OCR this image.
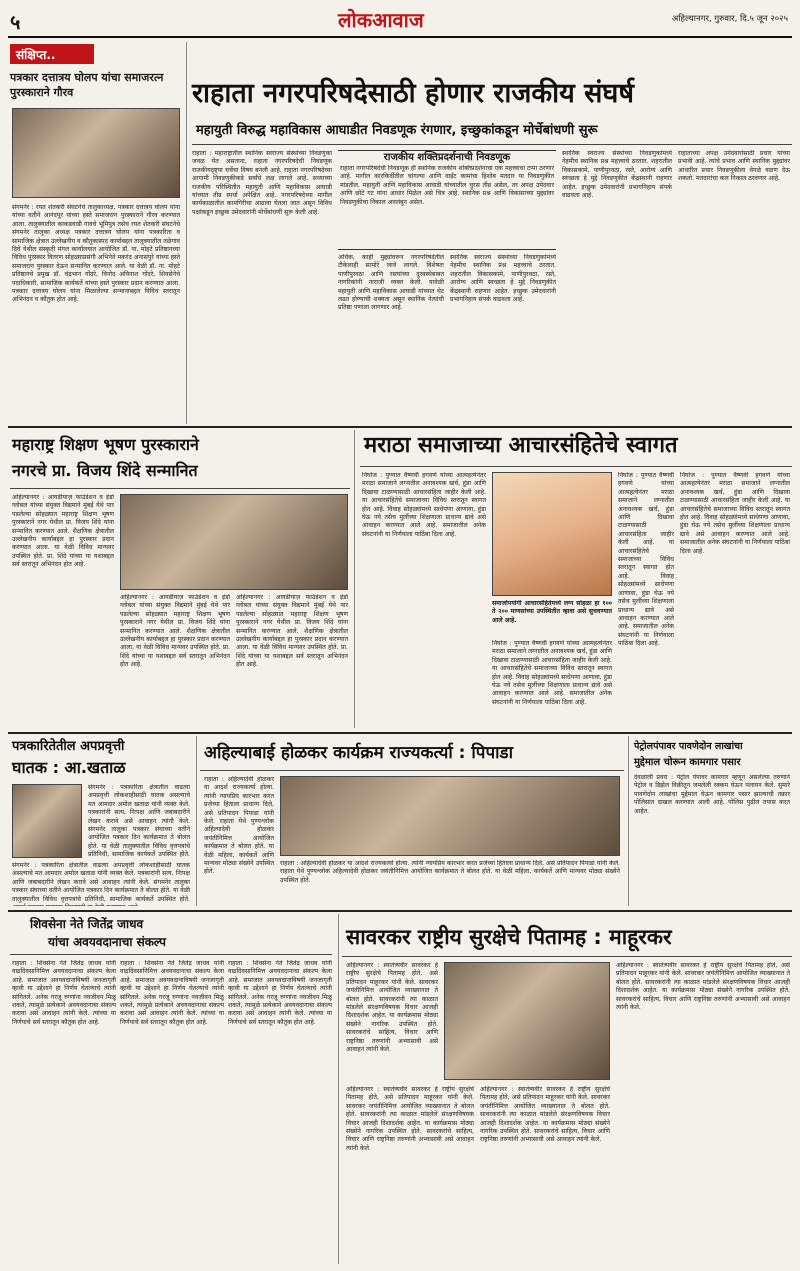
५	लोकआवाज	अहिल्यानगर, गुरुवार, दि.५ जून २०२५
संक्षिप्त..
पत्रकार दत्तात्रय घोलप यांचा समाजरत्न पुरस्काराने गौरव
संगमनेर : रयत शेतकरी संघटनेचे तालुकाध्यक्ष, पत्रकार दत्तात्रय घोलप यांना यांच्या वतीने आनंदपूर यांच्या हस्ते समाजरत्न पुरस्काराने गौरव करण्यात आला. तालुक्यातील काकडवाडी गावचे भूमिपुत्र तसेच रयत शेतकरी संघटनेचे संगमनेर तालुका अध्यक्ष पत्रकार दत्तात्रय घोलप यांना पत्रकारिता व सामाजिक क्षेत्रात उल्लेखनीय व कौतुकास्पद कार्याबद्दल तालुक्यातील तळेगाव दिघे येथील संस्कृती मंगल कार्यालयात आयोजित डॉ. ना. मोहटे प्रतिष्ठानच्या विविध पुरस्कार वितरण सोहळ्याप्रसंगी अभिनेते मकरंद अनासपुरे यांच्या हस्ते समाजरत्न पुरस्कार देऊन सन्मानित करण्यात आले. या वेळी डॉ. ना. मोहटे प्रतिष्ठानचे प्रमुख डॉ. चंद्रभान गोंदरे, विनोद अविनाश गोंदरे, शिवसेनेचे पदाधिकारी, सामाजिक कार्यकर्ते यांच्या हस्ते पुरस्कार प्रदान करण्यात आला. पत्रकार दत्तात्रय घोलप यांना मिळालेल्या सन्मानाबद्दल विविध स्तरातून अभिनंदन व कौतुक होत आहे.
राहाता नगरपरिषदेसाठी होणार राजकीय संघर्ष
महायुती विरुद्ध महाविकास आघाडीत निवडणूक रंगणार, इच्छुकांकडून मोर्चेबांधणी सुरू
राहाता : महाराष्ट्रातील स्थानिक स्वराज्य संस्थांच्या निवडणुका जवळ येत असताना, राहाता नगरपरिषदेची निवडणूक राजकीयदृष्ट्या चर्चेचा विषय बनली आहे. राहाता नगरपरिषदेच्या आगामी निवडणुकीकडे सर्वांचे लक्ष लागले आहे. सध्याच्या राजकीय परिस्थितीत महायुती आणि महाविकास आघाडी यांच्यात तीव्र स्पर्धा अपेक्षित आहे. नगरपरिषदेच्या मागील कार्यकाळातील कामगिरीचा आढावा घेतला जात असून विविध पक्षांकडून इच्छुक उमेदवारांनी मोर्चेबांधणी सुरू केली आहे.
राजकीय शक्तिप्रदर्शनाची निवडणूक
राहाता नगरपरिषदेची निवडणूक ही स्थानिक राजकीय शक्तिप्रदर्शनाचा एक महत्त्वाचा टप्पा ठरणार आहे. मागील कारकिर्दीतील चांगल्या आणि वाईट कामांचा हिशोब मतदार या निवडणुकीत मांडतील. महायुती आणि महाविकास आघाडी यांच्यातील चुरस तीव्र असेल, तर अपक्ष उमेदवार आणि छोटे गट यांना आधार मिळेल असे चित्र आहे. स्थानिक प्रश्न आणि विकासाच्या मुद्द्यांवर निवडणुकीचा निकाल अवलंबून असेल.
अधिक, काही मुद्द्यांवरून नगरपरिषदेतील टीकेलाही सामोरे जावे लागले. विशेषतः पाणीपुरवठा आणि रस्त्यांच्या दुरवस्थेबाबत नागरिकांनी नाराजी व्यक्त केली. यावेळी महायुती आणि महाविकास आघाडी यांच्यात थेट लढत होण्याची शक्यता असून स्थानिक नेत्यांची प्रतिष्ठा पणाला लागणार आहे.
स्थानिक स्वराज्य संस्थांच्या निवडणुकांमध्ये नेहमीच स्थानिक प्रश्न महत्त्वाचे ठरतात. शहरातील विकासकामे, पाणीपुरवठा, रस्ते, आरोग्य आणि स्वच्छता हे मुद्दे निवडणुकीत केंद्रस्थानी राहणार आहेत. इच्छुक उमेदवारांनी प्रभागनिहाय संपर्क वाढवला आहे.
स्थानिक स्वराज्य संस्थांच्या निवडणुकांमध्ये नेहमीच स्थानिक प्रश्न महत्त्वाचे ठरतात. शहरातील विकासकामे, पाणीपुरवठा, रस्ते, आरोग्य आणि स्वच्छता हे मुद्दे निवडणुकीत केंद्रस्थानी राहणार आहेत. इच्छुक उमेदवारांनी प्रभागनिहाय संपर्क वाढवला आहे.
राहाताच्या अपक्ष उमेदवारांसाठी प्रचार यांच्या प्रभावी आहे. त्यांचे प्रभाव आणि स्थानिक मुद्द्यांवर आधारित प्रचार निवडणुकीला वेगळे वळण देऊ शकतो. मतदारांचा कल निकाल ठरवणार आहे.
महाराष्ट्र शिक्षण भूषण पुरस्काराने
नगरचे प्रा. विजय शिंदे सन्मानित
अहिल्यानगर : आयडीयाज़ फाउंडेशन व इंडो ग्लोबल यांच्या संयुक्त विद्यमाने मुंबई येथे पार पडलेल्या सोहळ्यात महाराष्ट्र शिक्षण भूषण पुरस्काराने नगर येथील प्रा. विजय शिंदे यांना सन्मानित करण्यात आले. शैक्षणिक क्षेत्रातील उल्लेखनीय कार्याबद्दल हा पुरस्कार प्रदान करण्यात आला. या वेळी विविध मान्यवर उपस्थित होते. प्रा. शिंदे यांच्या या यशाबद्दल सर्व स्तरातून अभिनंदन होत आहे.
अहिल्यानगर : आयडीयाज़ फाउंडेशन व इंडो ग्लोबल यांच्या संयुक्त विद्यमाने मुंबई येथे पार पडलेल्या सोहळ्यात महाराष्ट्र शिक्षण भूषण पुरस्काराने नगर येथील प्रा. विजय शिंदे यांना सन्मानित करण्यात आले. शैक्षणिक क्षेत्रातील उल्लेखनीय कार्याबद्दल हा पुरस्कार प्रदान करण्यात आला. या वेळी विविध मान्यवर उपस्थित होते. प्रा. शिंदे यांच्या या यशाबद्दल सर्व स्तरातून अभिनंदन होत आहे.
अहिल्यानगर : आयडीयाज़ फाउंडेशन व इंडो ग्लोबल यांच्या संयुक्त विद्यमाने मुंबई येथे पार पडलेल्या सोहळ्यात महाराष्ट्र शिक्षण भूषण पुरस्काराने नगर येथील प्रा. विजय शिंदे यांना सन्मानित करण्यात आले. शैक्षणिक क्षेत्रातील उल्लेखनीय कार्याबद्दल हा पुरस्कार प्रदान करण्यात आला. या वेळी विविध मान्यवर उपस्थित होते. प्रा. शिंदे यांच्या या यशाबद्दल सर्व स्तरातून अभिनंदन होत आहे.
मराठा समाजाच्या आचारसंहितेचे स्वागत
निघोज : पुण्यात वैष्णवी हगवणे यांच्या आत्महत्येनंतर मराठा समाजाने लग्नातील अनावश्यक खर्च, हुंडा आणि दिखावा टाळण्यासाठी आचारसंहिता जाहीर केली आहे. या आचारसंहितेचे समाजाच्या विविध स्तरातून स्वागत होत आहे. विवाह सोहळ्यांमध्ये साधेपणा आणावा, हुंडा घेऊ नये तसेच मुलींच्या शिक्षणाला प्राधान्य द्यावे असे आवाहन करण्यात आले आहे. समाजातील अनेक संघटनांनी या निर्णयाला पाठिंबा दिला आहे.
समाजोपयोगी आचारसंहितेमध्ये लग्न सोहळा हा १०० ते २०० माणसांच्या उपस्थितीत व्हावा असे सुचवण्यात आले आहे.
निघोज : पुण्यात वैष्णवी हगवणे यांच्या आत्महत्येनंतर मराठा समाजाने लग्नातील अनावश्यक खर्च, हुंडा आणि दिखावा टाळण्यासाठी आचारसंहिता जाहीर केली आहे. या आचारसंहितेचे समाजाच्या विविध स्तरातून स्वागत होत आहे. विवाह सोहळ्यांमध्ये साधेपणा आणावा, हुंडा घेऊ नये तसेच मुलींच्या शिक्षणाला प्राधान्य द्यावे असे आवाहन करण्यात आले आहे. समाजातील अनेक संघटनांनी या निर्णयाला पाठिंबा दिला आहे.
निघोज : पुण्यात वैष्णवी हगवणे यांच्या आत्महत्येनंतर मराठा समाजाने लग्नातील अनावश्यक खर्च, हुंडा आणि दिखावा टाळण्यासाठी आचारसंहिता जाहीर केली आहे. या आचारसंहितेचे समाजाच्या विविध स्तरातून स्वागत होत आहे. विवाह सोहळ्यांमध्ये साधेपणा आणावा, हुंडा घेऊ नये तसेच मुलींच्या शिक्षणाला प्राधान्य द्यावे असे आवाहन करण्यात आले आहे. समाजातील अनेक संघटनांनी या निर्णयाला पाठिंबा दिला आहे.
निघोज : पुण्यात वैष्णवी हगवणे यांच्या आत्महत्येनंतर मराठा समाजाने लग्नातील अनावश्यक खर्च, हुंडा आणि दिखावा टाळण्यासाठी आचारसंहिता जाहीर केली आहे. या आचारसंहितेचे समाजाच्या विविध स्तरातून स्वागत होत आहे. विवाह सोहळ्यांमध्ये साधेपणा आणावा, हुंडा घेऊ नये तसेच मुलींच्या शिक्षणाला प्राधान्य द्यावे असे आवाहन करण्यात आले आहे. समाजातील अनेक संघटनांनी या निर्णयाला पाठिंबा दिला आहे.
पत्रकारितेतील अपप्रवृत्ती
घातक : आ.खताळ
संगमनेर : पत्रकारिता क्षेत्रातील वाढत्या अपप्रवृत्ती लोकशाहीसाठी घातक असल्याचे मत आमदार अमोल खताळ यांनी व्यक्त केले. पत्रकारांनी सत्य, निःपक्ष आणि जबाबदारीने लेखन करावे असे आवाहन त्यांनी केले. संगमनेर तालुका पत्रकार संघाच्या वतीने आयोजित पत्रकार दिन कार्यक्रमात ते बोलत होते. या वेळी तालुक्यातील विविध वृत्तपत्रांचे प्रतिनिधी, सामाजिक कार्यकर्ते उपस्थित होते.
संगमनेर : पत्रकारिता क्षेत्रातील वाढत्या अपप्रवृत्ती लोकशाहीसाठी घातक असल्याचे मत आमदार अमोल खताळ यांनी व्यक्त केले. पत्रकारांनी सत्य, निःपक्ष आणि जबाबदारीने लेखन करावे असे आवाहन त्यांनी केले. संगमनेर तालुका पत्रकार संघाच्या वतीने आयोजित पत्रकार दिन कार्यक्रमात ते बोलत होते. या वेळी तालुक्यातील विविध वृत्तपत्रांचे प्रतिनिधी, सामाजिक कार्यकर्ते उपस्थित होते.
अहिल्याबाई होळकर कार्यक्रम राज्यकर्त्या : पिपाडा
राहाता : अहिल्यादेवी होळकर या आदर्श राज्यकर्त्या होत्या. त्यांनी न्यायप्रिय कारभार करत प्रजेच्या हिताला प्राधान्य दिले, असे प्रतिपादन पिपाडा यांनी केले. राहाता येथे पुण्यश्लोक अहिल्यादेवी होळकर जयंतीनिमित्त आयोजित कार्यक्रमात ते बोलत होते. या वेळी महिला, कार्यकर्ते आणि मान्यवर मोठ्या संख्येने उपस्थित होते.
राहाता : अहिल्यादेवी होळकर या आदर्श राज्यकर्त्या होत्या. त्यांनी न्यायप्रिय कारभार करत प्रजेच्या हिताला प्राधान्य दिले, असे प्रतिपादन पिपाडा यांनी केले. राहाता येथे पुण्यश्लोक अहिल्यादेवी होळकर जयंतीनिमित्त आयोजित कार्यक्रमात ते बोलत होते. या वेळी महिला, कार्यकर्ते आणि मान्यवर मोठ्या संख्येने उपस्थित होते.
पेट्रोलपंपावर पावणेदोन लाखांचा
मुद्देमाल चोरून कामगार पसार
देवळाली प्रवरा : पेट्रोल पंपावर कामगार म्हणून असलेल्या तरुणाने पेट्रोल व डिझेल विक्रीतून जमलेली रक्कम घेऊन पलायन केले. सुमारे पावणेदोन लाखांचा मुद्देमाल घेऊन कामगार पसार झाल्याची तक्रार पोलिसांत दाखल करण्यात आली आहे. पोलिस पुढील तपास करत आहेत.
शिवसेना नेते जितेंद्र जाधव
यांचा अवयवदानाचा संकल्प
राहाता : शिवसेना नेते जितेंद्र जाधव यांनी वाढदिवसानिमित्त अवयवदानाचा संकल्प केला आहे. समाजात अवयवदानाविषयी जनजागृती व्हावी या उद्देशाने हा निर्णय घेतल्याचे त्यांनी सांगितले. अनेक गरजू रुग्णांना नवजीवन मिळू शकते, त्यामुळे प्रत्येकाने अवयवदानाचा संकल्प करावा असे आवाहन त्यांनी केले. त्यांच्या या निर्णयाचे सर्व स्तरातून कौतुक होत आहे.
राहाता : शिवसेना नेते जितेंद्र जाधव यांनी वाढदिवसानिमित्त अवयवदानाचा संकल्प केला आहे. समाजात अवयवदानाविषयी जनजागृती व्हावी या उद्देशाने हा निर्णय घेतल्याचे त्यांनी सांगितले. अनेक गरजू रुग्णांना नवजीवन मिळू शकते, त्यामुळे प्रत्येकाने अवयवदानाचा संकल्प करावा असे आवाहन त्यांनी केले. त्यांच्या या निर्णयाचे सर्व स्तरातून कौतुक होत आहे.
राहाता : शिवसेना नेते जितेंद्र जाधव यांनी वाढदिवसानिमित्त अवयवदानाचा संकल्प केला आहे. समाजात अवयवदानाविषयी जनजागृती व्हावी या उद्देशाने हा निर्णय घेतल्याचे त्यांनी सांगितले. अनेक गरजू रुग्णांना नवजीवन मिळू शकते, त्यामुळे प्रत्येकाने अवयवदानाचा संकल्प करावा असे आवाहन त्यांनी केले. त्यांच्या या निर्णयाचे सर्व स्तरातून कौतुक होत आहे.
सावरकर राष्ट्रीय सुरक्षेचे पितामह : माहूरकर
अहिल्यानगर : स्वातंत्र्यवीर सावरकर हे राष्ट्रीय सुरक्षेचे पितामह होते, असे प्रतिपादन माहूरकर यांनी केले. सावरकर जयंतीनिमित्त आयोजित व्याख्यानात ते बोलत होते. सावरकरांनी त्या काळात मांडलेले संरक्षणविषयक विचार आजही दिशादर्शक आहेत. या कार्यक्रमास मोठ्या संख्येने नागरिक उपस्थित होते. सावरकरांचे साहित्य, विचार आणि राष्ट्रनिष्ठा तरुणांनी अभ्यासावी असे आवाहन त्यांनी केले.
अहिल्यानगर : स्वातंत्र्यवीर सावरकर हे राष्ट्रीय सुरक्षेचे पितामह होते, असे प्रतिपादन माहूरकर यांनी केले. सावरकर जयंतीनिमित्त आयोजित व्याख्यानात ते बोलत होते. सावरकरांनी त्या काळात मांडलेले संरक्षणविषयक विचार आजही दिशादर्शक आहेत. या कार्यक्रमास मोठ्या संख्येने नागरिक उपस्थित होते. सावरकरांचे साहित्य, विचार आणि राष्ट्रनिष्ठा तरुणांनी अभ्यासावी असे आवाहन त्यांनी केले.
अहिल्यानगर : स्वातंत्र्यवीर सावरकर हे राष्ट्रीय सुरक्षेचे पितामह होते, असे प्रतिपादन माहूरकर यांनी केले. सावरकर जयंतीनिमित्त आयोजित व्याख्यानात ते बोलत होते. सावरकरांनी त्या काळात मांडलेले संरक्षणविषयक विचार आजही दिशादर्शक आहेत. या कार्यक्रमास मोठ्या संख्येने नागरिक उपस्थित होते. सावरकरांचे साहित्य, विचार आणि राष्ट्रनिष्ठा तरुणांनी अभ्यासावी असे आवाहन त्यांनी केले.
अहिल्यानगर : स्वातंत्र्यवीर सावरकर हे राष्ट्रीय सुरक्षेचे पितामह होते, असे प्रतिपादन माहूरकर यांनी केले. सावरकर जयंतीनिमित्त आयोजित व्याख्यानात ते बोलत होते. सावरकरांनी त्या काळात मांडलेले संरक्षणविषयक विचार आजही दिशादर्शक आहेत. या कार्यक्रमास मोठ्या संख्येने नागरिक उपस्थित होते. सावरकरांचे साहित्य, विचार आणि राष्ट्रनिष्ठा तरुणांनी अभ्यासावी असे आवाहन त्यांनी केले.
